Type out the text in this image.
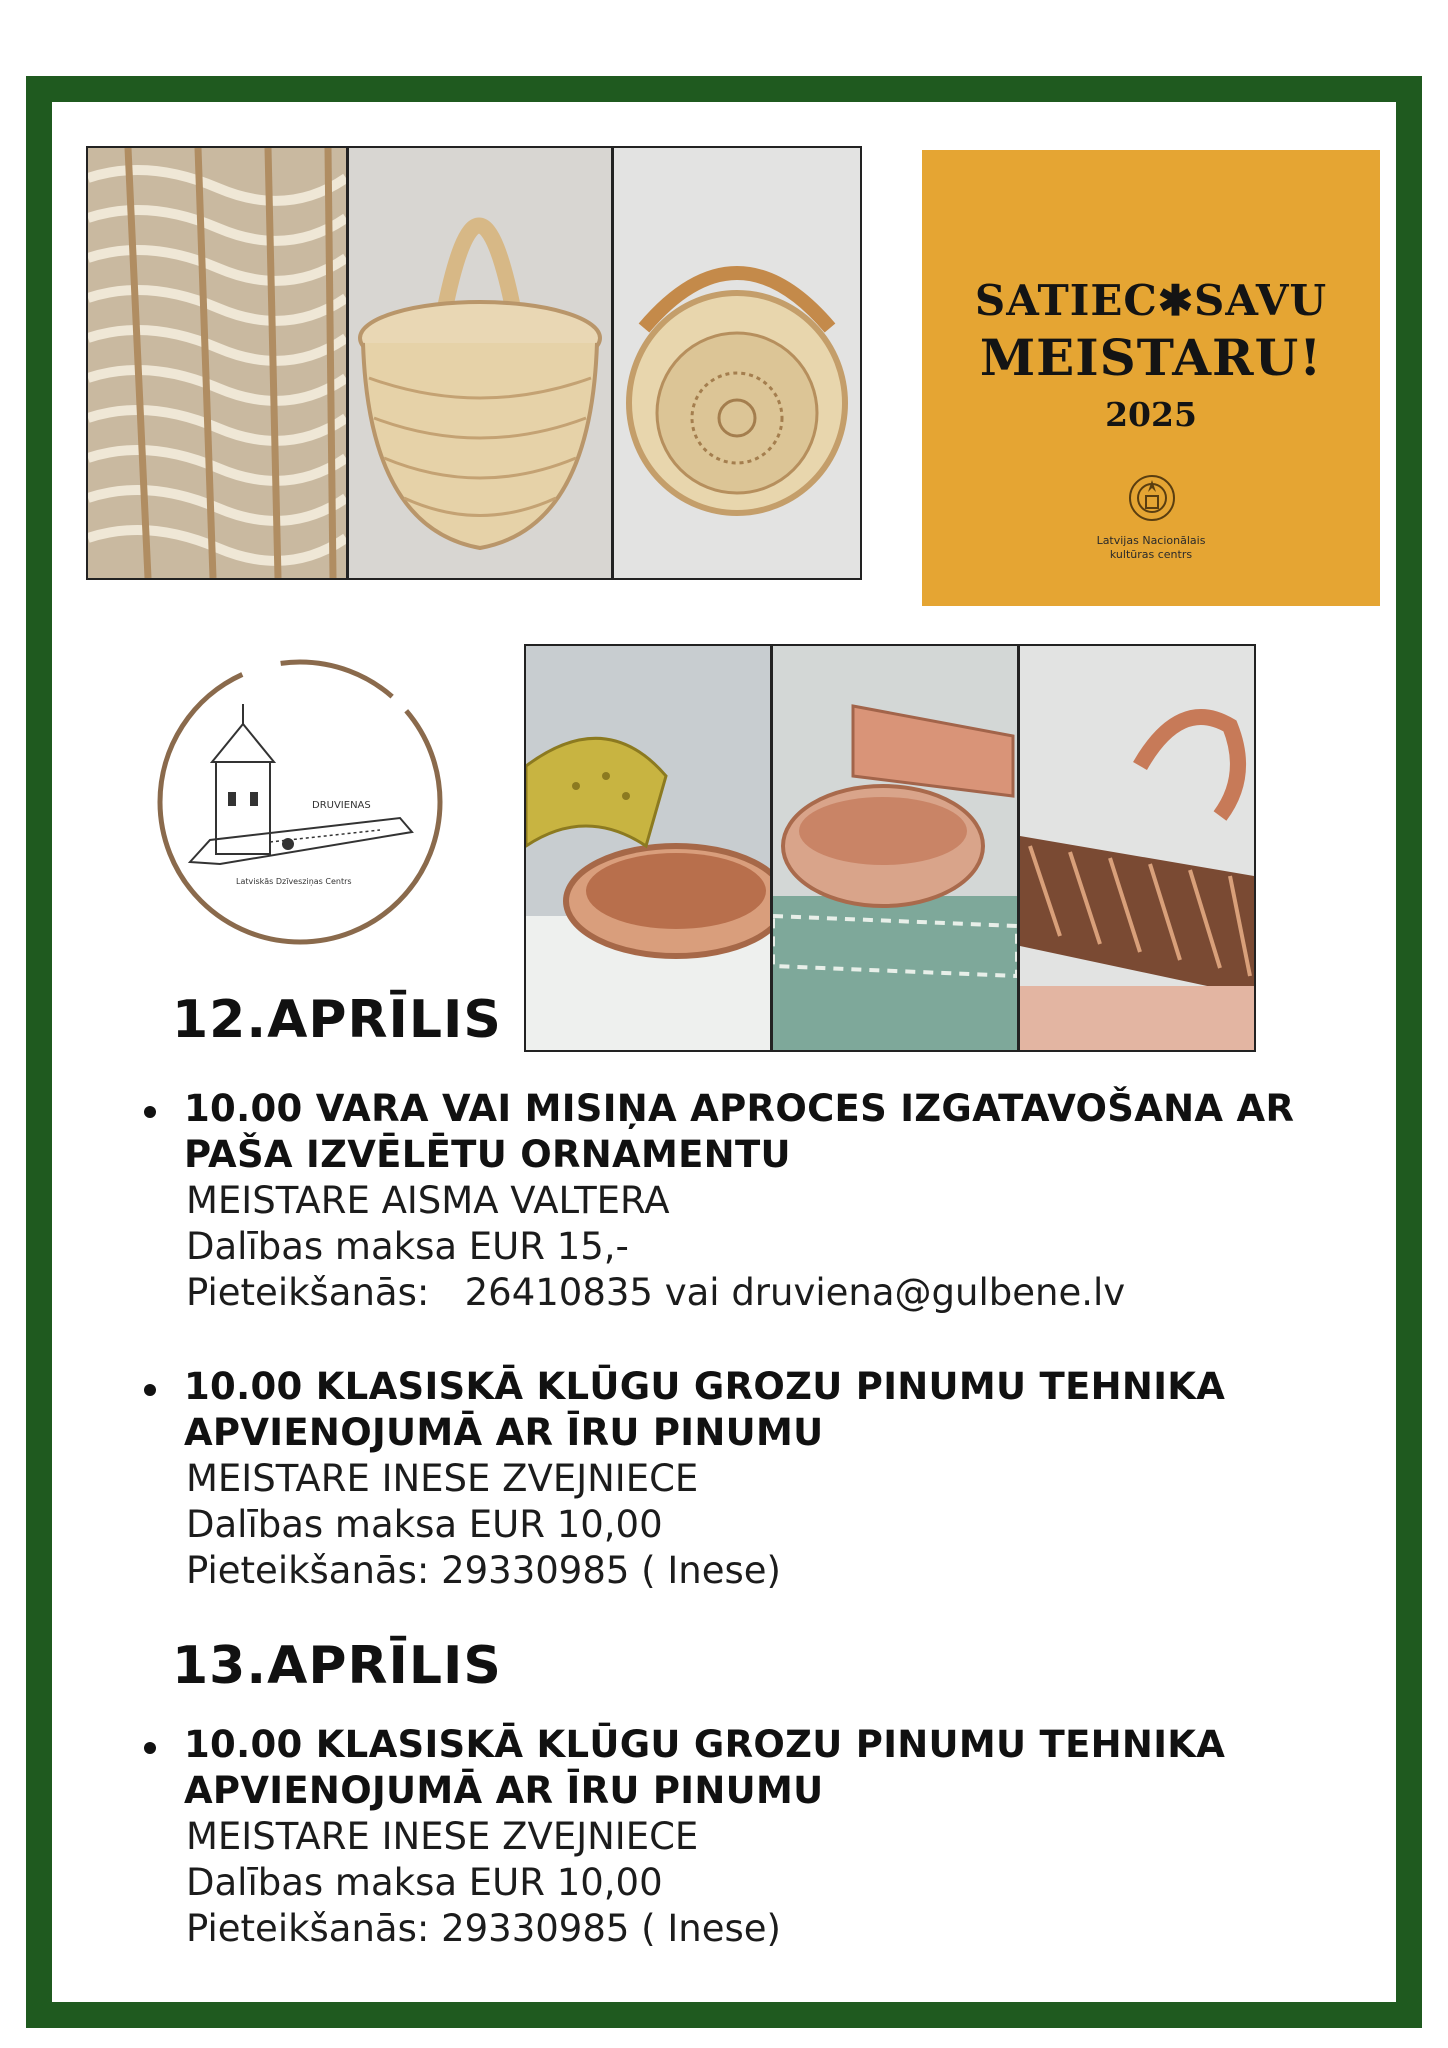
SATIEC✱SAVU
MEISTARU!
2025
Latvijas Nacionālais
kultūras centrs
DRUVIENAS
Latviskās Dzīvesziņas Centrs
12.APRĪLIS
10.00 VARA VAI MISIŅA APROCES IZGATAVOŠANA AR
PAŠA IZVĒLĒTU ORNAMENTU
MEISTARE AISMA VALTERA
Dalības maksa EUR 15,-
Pieteikšanās:   26410835 vai druviena@gulbene.lv
10.00 KLASISKĀ KLŪGU GROZU PINUMU TEHNIKA
APVIENOJUMĀ AR ĪRU PINUMU
MEISTARE INESE ZVEJNIECE
Dalības maksa EUR 10,00
Pieteikšanās: 29330985 ( Inese)
13.APRĪLIS
10.00 KLASISKĀ KLŪGU GROZU PINUMU TEHNIKA
APVIENOJUMĀ AR ĪRU PINUMU
MEISTARE INESE ZVEJNIECE
Dalības maksa EUR 10,00
Pieteikšanās: 29330985 ( Inese)
